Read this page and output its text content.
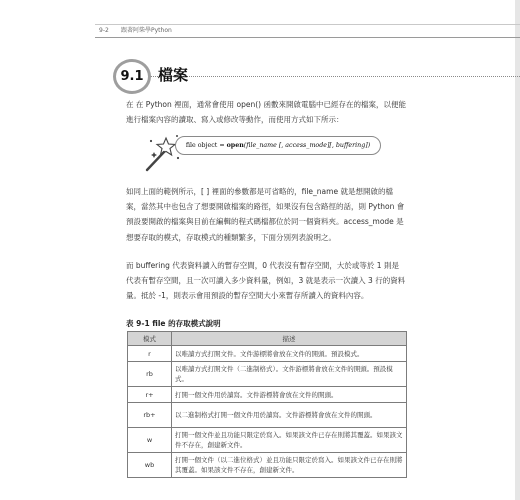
9-2 跟著阿柴學Python
9.1 檔案

在 在 Python 裡面，通常會使用 open() 函數來開啟電腦中已經存在的檔案，以便能進行檔案內容的讀取、寫入或修改等動作，而使用方式如下所示：

file object = open(file_name [, access_mode][, buffering])

如同上面的範例所示，[ ] 裡面的參數都是可省略的，file_name 就是想開啟的檔案，當然其中也包含了想要開啟檔案的路徑，如果沒有包含路徑的話，則 Python 會預設要開啟的檔案與目前在編輯的程式碼檔都位於同一個資料夾。access_mode 是想要存取的模式，存取模式的種類繁多，下面分別列表說明之。

而 buffering 代表資料讀入的暫存空間，0 代表沒有暫存空間，大於或等於 1 則是代表有暫存空間，且一次可讀入多少資料量，例如，3 就是表示一次讀入 3 行的資料量。抵於 -1，則表示會用預設的暫存空間大小來暫存所讀入的資料內容。

表 9-1 file 的存取模式說明
模式	描述
r	以唯讀方式打開文件。文件游標將會放在文件的開頭。預設模式。
rb	以唯讀方式打開文件（二進制格式）。文件游標將會放在文件的開頭。預設模式。
r+	打開一個文件用於讀寫。文件游標將會放在文件的開頭。
rb+	以二進制格式打開一個文件用於讀寫。文件游標將會放在文件的開頭。
w	打開一個文件並且功能只限定於寫入。如果該文件已存在則將其覆蓋。如果該文件不存在，創建新文件。
wb	打開一個文件（以二進位格式）並且功能只限定於寫入。如果該文件已存在則將其覆蓋。如果該文件不存在，創建新文件。
